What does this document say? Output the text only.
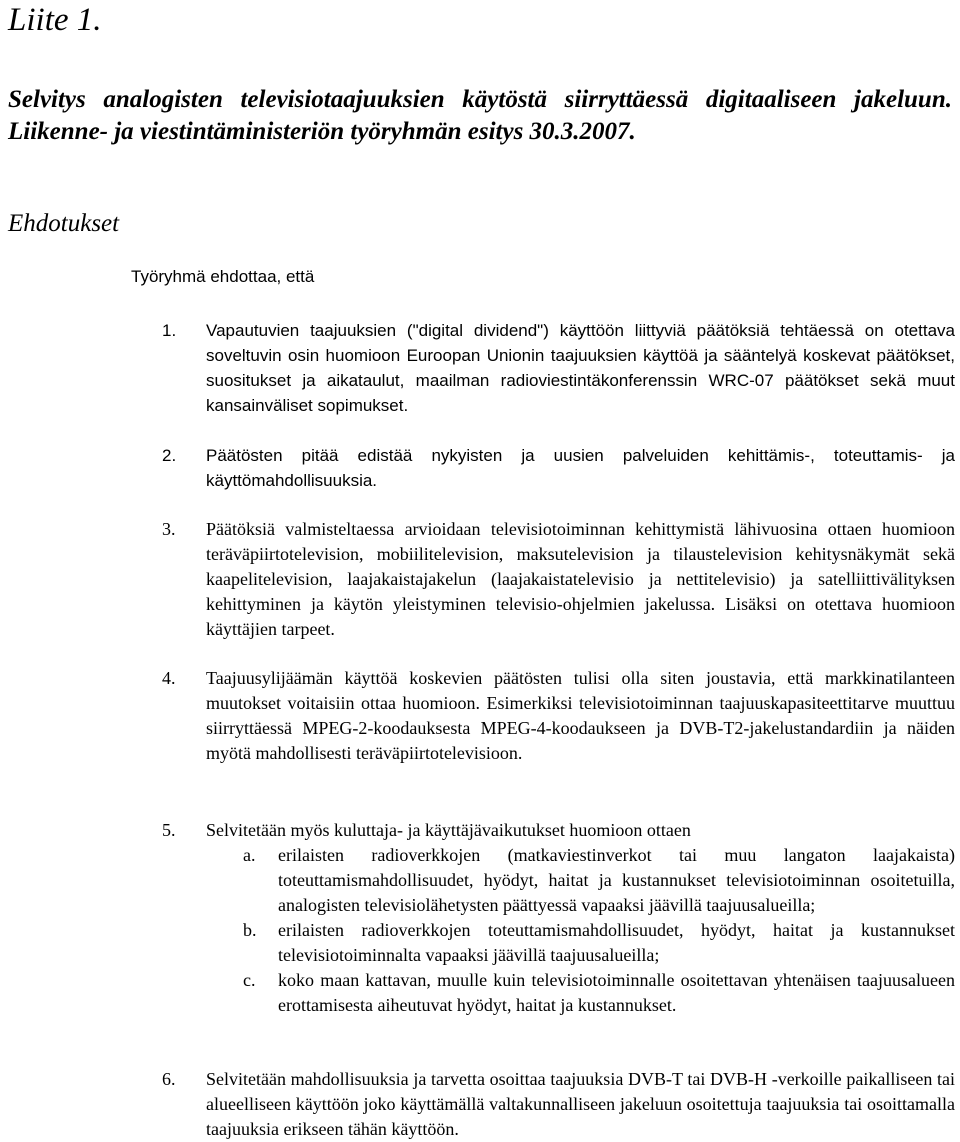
Liite 1.
Selvitys analogisten televisiotaajuuksien käytöstä siirryttäessä digitaaliseen jakeluun. Liikenne- ja viestintäministeriön työryhmän esitys 30.3.2007.
Ehdotukset

Työryhmä ehdottaa, että

1.	Vapautuvien taajuuksien ("digital dividend") käyttöön liittyviä päätöksiä tehtäessä on otettava soveltuvin osin huomioon Euroopan Unionin taajuuksien käyttöä ja sääntelyä koskevat päätökset, suositukset ja aikataulut, maailman radioviestintäkonferenssin WRC-07 päätökset sekä muut kansainväliset sopimukset.
2.	Päätösten pitää edistää nykyisten ja uusien palveluiden kehittämis-, toteuttamis- ja käyttömahdollisuuksia.
3.	Päätöksiä valmisteltaessa arvioidaan televisiotoiminnan kehittymistä lähivuosina ottaen huomioon teräväpiirtotelevision, mobiilitelevision, maksutelevision ja tilaustelevision kehitysnäkymät sekä kaapelitelevision, laajakaistajakelun (laajakaistatelevisio ja nettitelevisio) ja satelliittivälityksen kehittyminen ja käytön yleistyminen televisio-ohjelmien jakelussa. Lisäksi on otettava huomioon käyttäjien tarpeet.
4.	Taajuusylijäämän käyttöä koskevien päätösten tulisi olla siten joustavia, että markkinatilanteen muutokset voitaisiin ottaa huomioon. Esimerkiksi televisiotoiminnan taajuuskapasiteettitarve muuttuu siirryttäessä MPEG-2-koodauksesta MPEG-4-koodaukseen ja DVB-T2-jakelustandardiin ja näiden myötä mahdollisesti teräväpiirtotelevisioon.
5.	Selvitetään myös kuluttaja- ja käyttäjävaikutukset huomioon ottaen
a. erilaisten radioverkkojen (matkaviestinverkot tai muu langaton laajakaista) toteuttamismahdollisuudet, hyödyt, haitat ja kustannukset televisiotoiminnan osoitetuilla, analogisten televisiolähetysten päättyessä vapaaksi jäävillä taajuusalueilla;
b. erilaisten radioverkkojen toteuttamismahdollisuudet, hyödyt, haitat ja kustannukset televisiotoiminnalta vapaaksi jäävillä taajuusalueilla;
c. koko maan kattavan, muulle kuin televisiotoiminnalle osoitettavan yhtenäisen taajuusalueen erottamisesta aiheutuvat hyödyt, haitat ja kustannukset.
6.	Selvitetään mahdollisuuksia ja tarvetta osoittaa taajuuksia DVB-T tai DVB-H -verkoille paikalliseen tai alueelliseen käyttöön joko käyttämällä valtakunnalliseen jakeluun osoitettuja taajuuksia tai osoittamalla taajuuksia erikseen tähän käyttöön.
